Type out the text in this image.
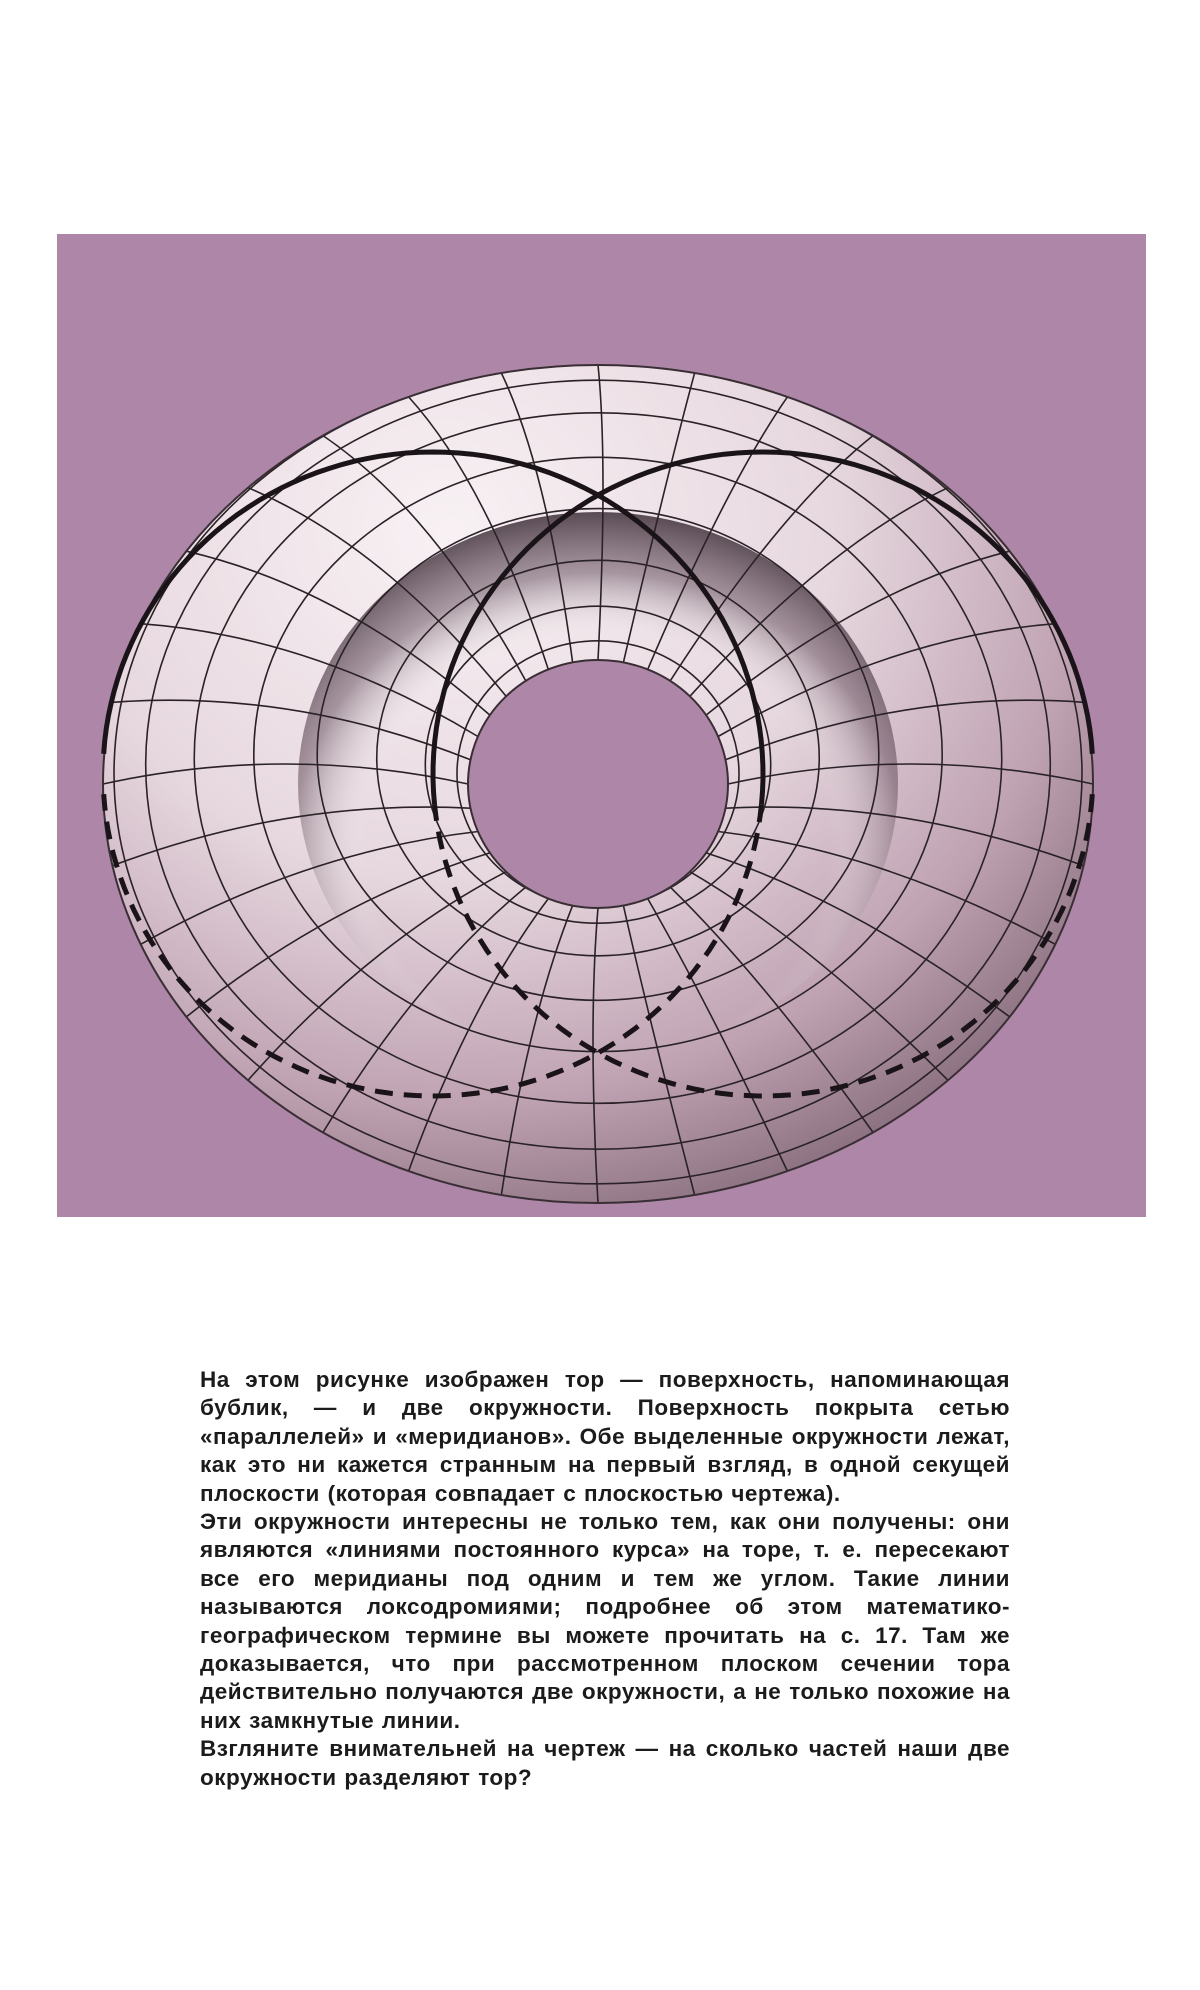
На этом рисунке изображен тор — поверхность, напоминающая бублик, — и две окружности. Поверхность покрыта сетью «параллелей» и «меридианов». Обе выделенные окружности лежат, как это ни кажется странным на первый взгляд, в одной секущей плоскости (которая совпадает с плоскостью чертежа).

Эти окружности интересны не только тем, как они получены: они являются «линиями постоянного курса» на торе, т. е. пересекают все его меридианы под одним и тем же углом. Такие линии называются локсодромиями; подробнее об этом математико-географическом термине вы можете прочитать на с. 17. Там же доказывается, что при рассмотренном плоском сечении тора действительно получаются две окружности, а не только похожие на них замкнутые линии.

Взгляните внимательней на чертеж — на сколько частей наши две окружности разделяют тор?
